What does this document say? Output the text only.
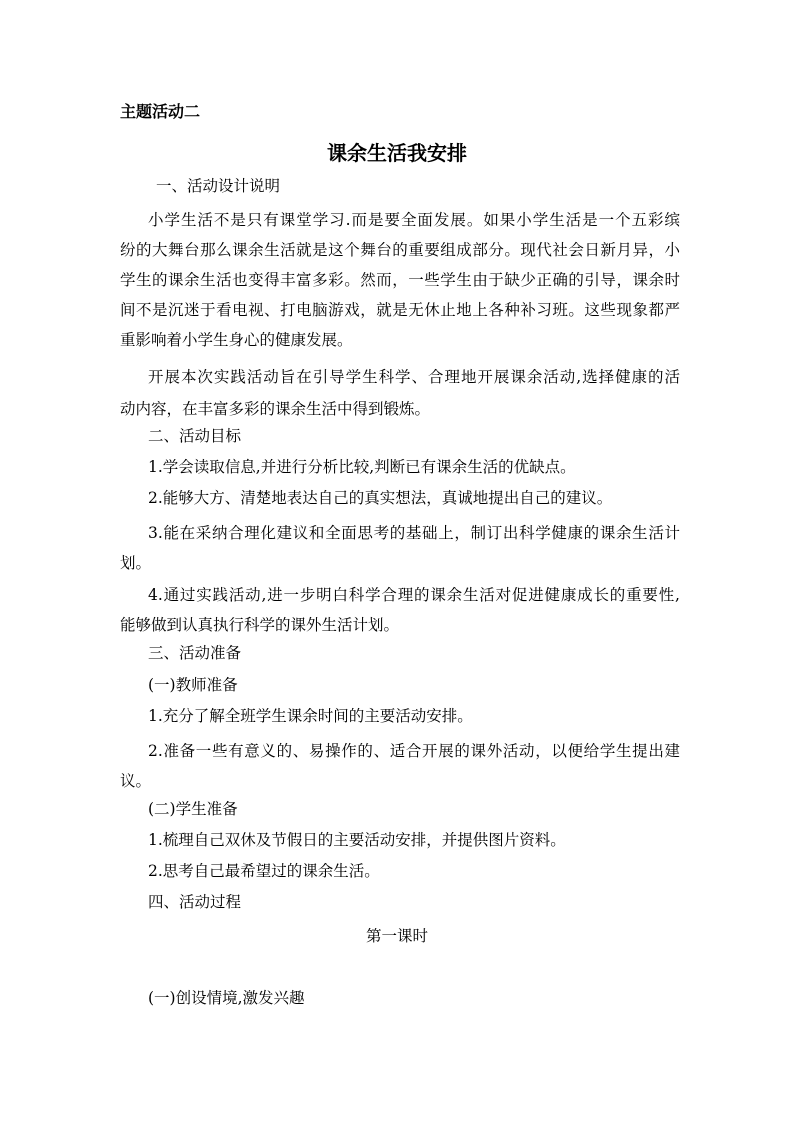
主题活动二
课余生活我安排
一、活动设计说明
小学生活不是只有课堂学习.而是要全面发展。如果小学生活是一个五彩缤
纷的大舞台那么课余生活就是这个舞台的重要组成部分。现代社会日新月异，小
学生的课余生活也变得丰富多彩。然而，一些学生由于缺少正确的引导，课余时
间不是沉迷于看电视、打电脑游戏，就是无休止地上各种补习班。这些现象都严
重影响着小学生身心的健康发展。
开展本次实践活动旨在引导学生科学、合理地开展课余活动,选择健康的活
动内容，在丰富多彩的课余生活中得到锻炼。
二、活动目标
1.学会读取信息,并进行分析比较,判断已有课余生活的优缺点。
2.能够大方、清楚地表达自己的真实想法，真诚地提出自己的建议。
3.能在采纳合理化建议和全面思考的基础上，制订出科学健康的课余生活计
划。
4.通过实践活动,进一步明白科学合理的课余生活对促进健康成长的重要性,
能够做到认真执行科学的课外生活计划。
三、活动准备
(一)教师准备
1.充分了解全班学生课余时间的主要活动安排。
2.准备一些有意义的、易操作的、适合开展的课外活动，以便给学生提出建
议。
(二)学生准备
1.梳理自己双休及节假日的主要活动安排，并提供图片资料。
2.思考自己最希望过的课余生活。
四、活动过程
第一课时
(一)创设情境,激发兴趣
